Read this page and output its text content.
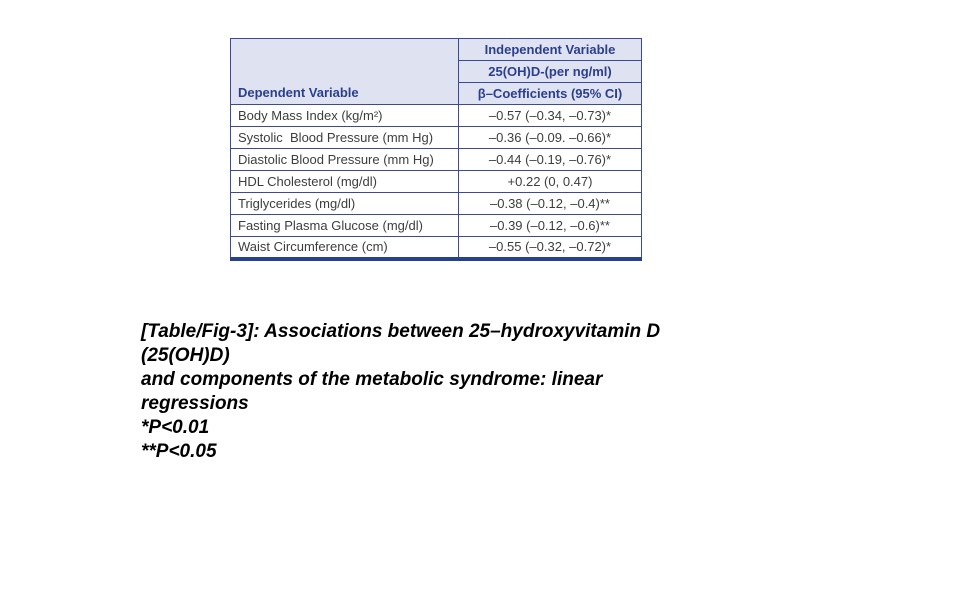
Dependent Variable	Independent Variable
	25(OH)D-(per ng/ml)
	β–Coefficients (95% CI)
Body Mass Index (kg/m²)	–0.57 (–0.34, –0.73)*
Systolic  Blood Pressure (mm Hg)	–0.36 (–0.09. –0.66)*
Diastolic Blood Pressure (mm Hg)	–0.44 (–0.19, –0.76)*
HDL Cholesterol (mg/dl)	+0.22 (0, 0.47)
Triglycerides (mg/dl)	–0.38 (–0.12, –0.4)**
Fasting Plasma Glucose (mg/dl)	–0.39 (–0.12, –0.6)**
Waist Circumference (cm)	–0.55 (–0.32, –0.72)*
[Table/Fig-3]: Associations between 25–hydroxyvitamin D
(25(OH)D)
and components of the metabolic syndrome: linear
regressions
*P<0.01
**P<0.05
